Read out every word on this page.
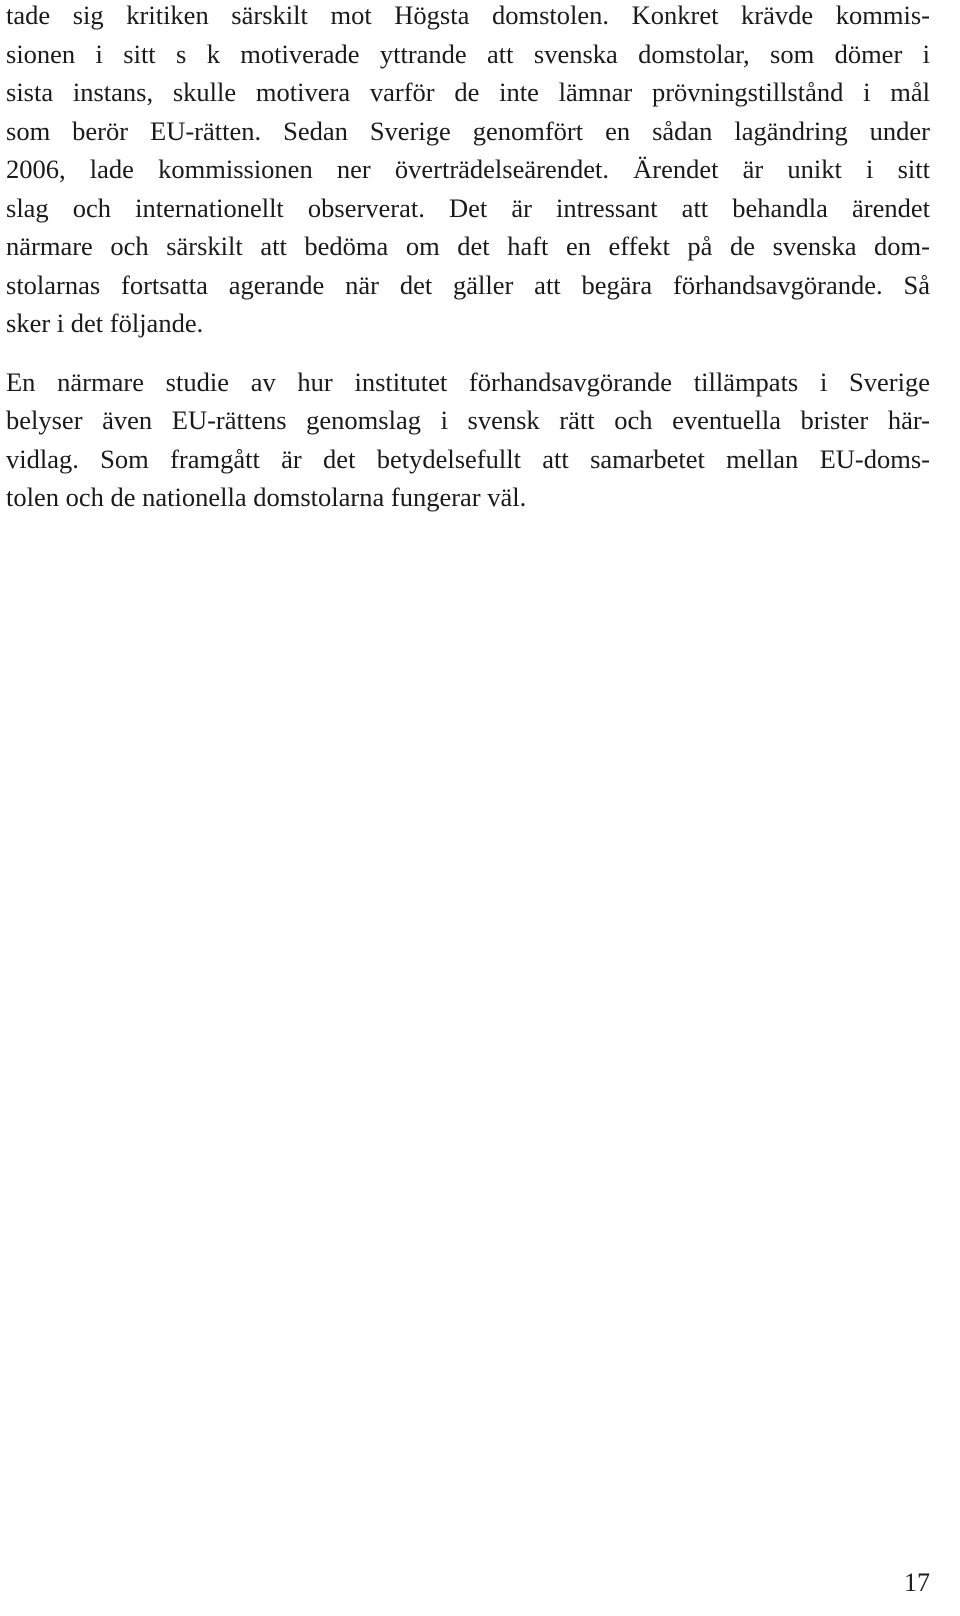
tade sig kritiken särskilt mot Högsta domstolen. Konkret krävde kommis-
sionen i sitt s k motiverade yttrande att svenska domstolar, som dömer i
sista instans, skulle motivera varför de inte lämnar prövningstillstånd i mål
som berör EU-rätten. Sedan Sverige genomfört en sådan lagändring under
2006, lade kommissionen ner överträdelseärendet. Ärendet är unikt i sitt
slag och internationellt observerat. Det är intressant att behandla ärendet
närmare och särskilt att bedöma om det haft en effekt på de svenska dom-
stolarnas fortsatta agerande när det gäller att begära förhandsavgörande. Så
sker i det följande.
En närmare studie av hur institutet förhandsavgörande tillämpats i Sverige
belyser även EU-rättens genomslag i svensk rätt och eventuella brister här-
vidlag. Som framgått är det betydelsefullt att samarbetet mellan EU-doms-
tolen och de nationella domstolarna fungerar väl.
17
